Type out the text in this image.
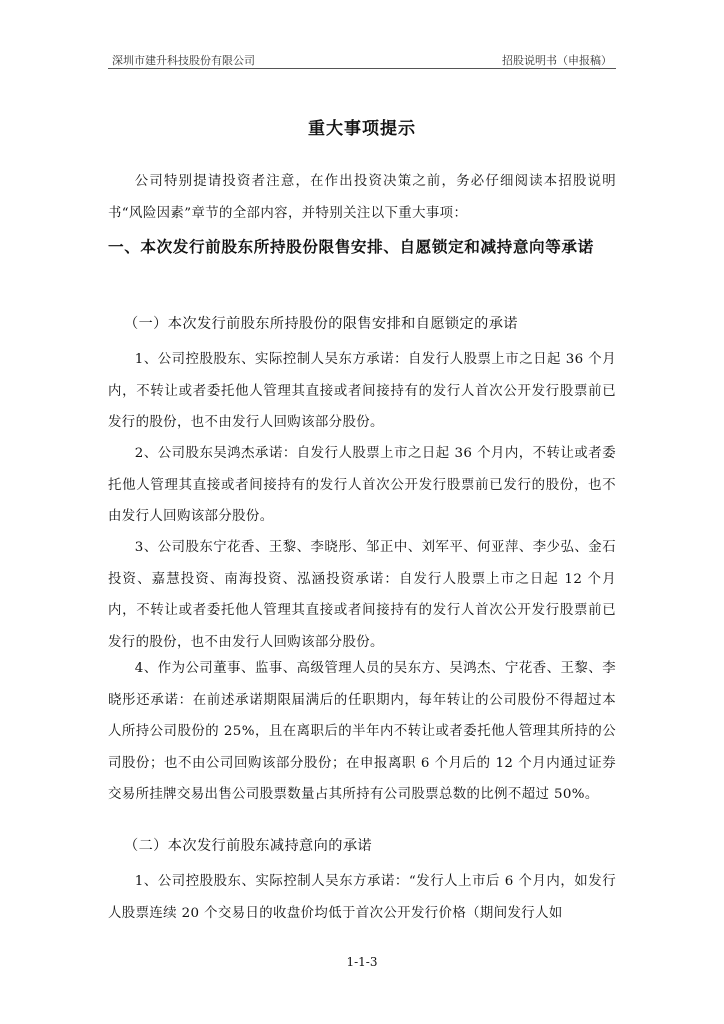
深圳市建升科技股份有限公司	招股说明书（申报稿）
重大事项提示

公司特别提请投资者注意，在作出投资决策之前，务必仔细阅读本招股说明书“风险因素”章节的全部内容，并特别关注以下重大事项：

一、本次发行前股东所持股份限售安排、自愿锁定和减持意向等承诺

（一）本次发行前股东所持股份的限售安排和自愿锁定的承诺

1、公司控股股东、实际控制人吴东方承诺：自发行人股票上市之日起 36 个月内，不转让或者委托他人管理其直接或者间接持有的发行人首次公开发行股票前已发行的股份，也不由发行人回购该部分股份。

2、公司股东吴鸿杰承诺：自发行人股票上市之日起 36 个月内，不转让或者委托他人管理其直接或者间接持有的发行人首次公开发行股票前已发行的股份，也不由发行人回购该部分股份。

3、公司股东宁花香、王黎、李晓彤、邹正中、刘军平、何亚萍、李少弘、金石投资、嘉慧投资、南海投资、泓涵投资承诺：自发行人股票上市之日起 12 个月内，不转让或者委托他人管理其直接或者间接持有的发行人首次公开发行股票前已发行的股份，也不由发行人回购该部分股份。

4、作为公司董事、监事、高级管理人员的吴东方、吴鸿杰、宁花香、王黎、李晓彤还承诺：在前述承诺期限届满后的任职期内，每年转让的公司股份不得超过本人所持公司股份的 25%，且在离职后的半年内不转让或者委托他人管理其所持的公司股份；也不由公司回购该部分股份；在申报离职 6 个月后的 12 个月内通过证券交易所挂牌交易出售公司股票数量占其所持有公司股票总数的比例不超过 50%。

（二）本次发行前股东减持意向的承诺

1、公司控股股东、实际控制人吴东方承诺：“发行人上市后 6 个月内，如发行人股票连续 20 个交易日的收盘价均低于首次公开发行价格（期间发行人如

1-1-3
